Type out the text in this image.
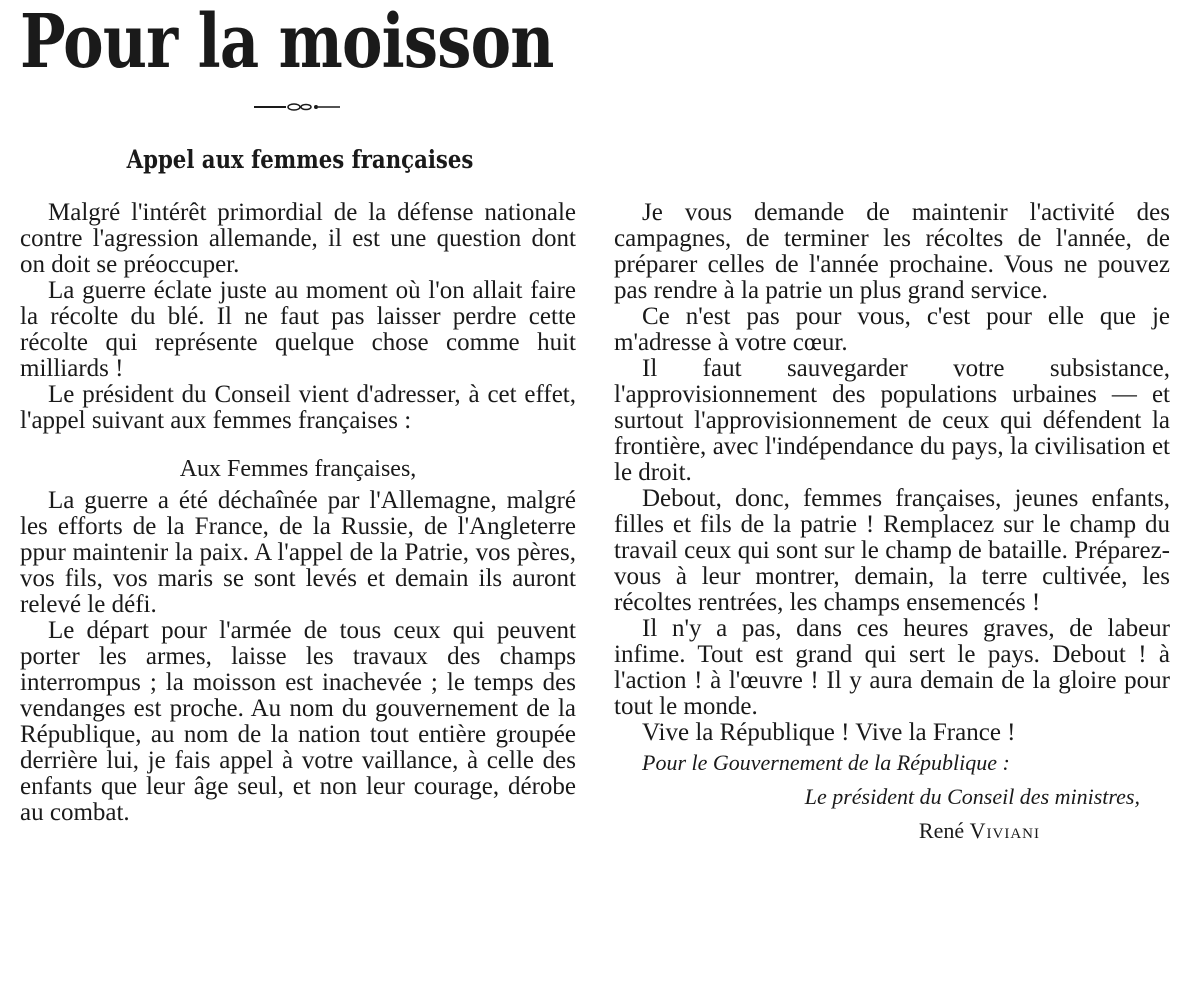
Pour la moisson
Appel aux femmes françaises

Malgré l'intérêt primordial de la défense nationale contre l'agression allemande, il est une question dont on doit se préoccuper.

La guerre éclate juste au moment où l'on allait faire la récolte du blé. Il ne faut pas laisser perdre cette récolte qui représente quelque chose comme huit milliards !

Le président du Conseil vient d'adresser, à cet effet, l'appel suivant aux femmes françaises :

Aux Femmes françaises,

La guerre a été déchaînée par l'Allemagne, malgré les efforts de la France, de la Russie, de l'Angleterre ppur maintenir la paix. A l'appel de la Patrie, vos pères, vos fils, vos maris se sont levés et demain ils auront relevé le défi.

Le départ pour l'armée de tous ceux qui peuvent porter les armes, laisse les travaux des champs interrompus ; la moisson est inachevée ; le temps des vendanges est proche. Au nom du gouvernement de la République, au nom de la nation tout entière groupée derrière lui, je fais appel à votre vaillance, à celle des enfants que leur âge seul, et non leur courage, dérobe au combat.

Je vous demande de maintenir l'activité des campagnes, de terminer les récoltes de l'année, de préparer celles de l'année prochaine. Vous ne pouvez pas rendre à la patrie un plus grand service.

Ce n'est pas pour vous, c'est pour elle que je m'adresse à votre cœur.

Il faut sauvegarder votre subsistance, l'approvisionnement des populations urbaines — et surtout l'approvisionnement de ceux qui défendent la frontière, avec l'indépendance du pays, la civilisation et le droit.

Debout, donc, femmes françaises, jeunes enfants, filles et fils de la patrie ! Remplacez sur le champ du travail ceux qui sont sur le champ de bataille. Préparez-vous à leur montrer, demain, la terre cultivée, les récoltes rentrées, les champs ensemencés !

Il n'y a pas, dans ces heures graves, de labeur infime. Tout est grand qui sert le pays. Debout ! à l'action ! à l'œuvre ! Il y aura demain de la gloire pour tout le monde.

Vive la République ! Vive la France !

Pour le Gouvernement de la République :

Le président du Conseil des ministres,

René Viviani
